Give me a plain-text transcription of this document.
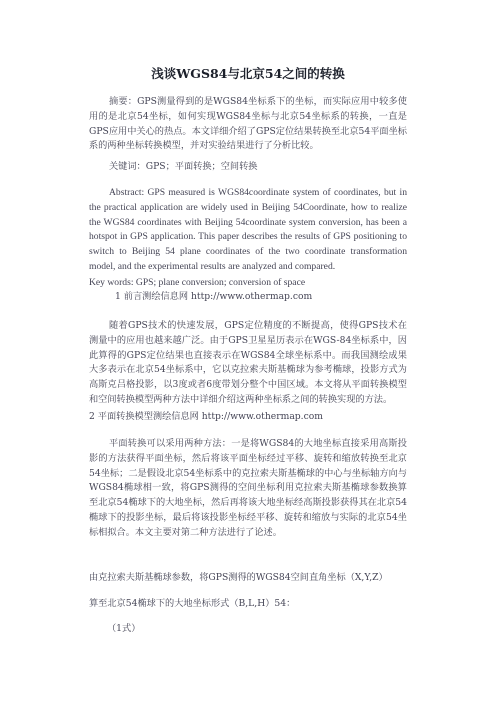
浅谈WGS84与北京54之间的转换

摘要：GPS测量得到的是WGS84坐标系下的坐标，而实际应用中较多使用的是北京54坐标，如何实现WGS84坐标与北京54坐标系的转换，一直是GPS应用中关心的热点。本文详细介绍了GPS定位结果转换至北京54平面坐标系的两种坐标转换模型，并对实验结果进行了分析比较。

关键词：GPS；平面转换；空间转换

Abstract: GPS measured is WGS84coordinate system of coordinates, but in the practical application are widely used in Beijing 54Coordinate, how to realize the WGS84 coordinates with Beijing 54coordinate system conversion, has been a hotspot in GPS application. This paper describes the results of GPS positioning to switch to Beijing 54 plane coordinates of the two coordinate transformation model, and the experimental results are analyzed and compared.

Key words: GPS; plane conversion; conversion of space

1 前言测绘信息网 http://www.othermap.com

随着GPS技术的快速发展，GPS定位精度的不断提高，使得GPS技术在测量中的应用也越来越广泛。由于GPS卫星星历表示在WGS-84坐标系中，因此算得的GPS定位结果也直接表示在WGS84全球坐标系中。而我国测绘成果大多表示在北京54坐标系中，它以克拉索夫斯基椭球为参考椭球，投影方式为高斯克吕格投影，以3度或者6度带划分整个中国区域。本文将从平面转换模型和空间转换模型两种方法中详细介绍这两种坐标系之间的转换实现的方法。

2 平面转换模型测绘信息网 http://www.othermap.com

平面转换可以采用两种方法：一是将WGS84的大地坐标直接采用高斯投影的方法获得平面坐标，然后将该平面坐标经过平移、旋转和缩放转换至北京54坐标；二是假设北京54坐标系中的克拉索夫斯基椭球的中心与坐标轴方向与WGS84椭球相一致，将GPS测得的空间坐标利用克拉索夫斯基椭球参数换算至北京54椭球下的大地坐标，然后再将该大地坐标经高斯投影获得其在北京54椭球下的投影坐标，最后将该投影坐标经平移、旋转和缩放与实际的北京54坐标相拟合。本文主要对第二种方法进行了论述。

由克拉索夫斯基椭球参数，将GPS测得的WGS84空间直角坐标（X,Y,Z）

算至北京54椭球下的大地坐标形式（B,L,H）54：

（1式）
